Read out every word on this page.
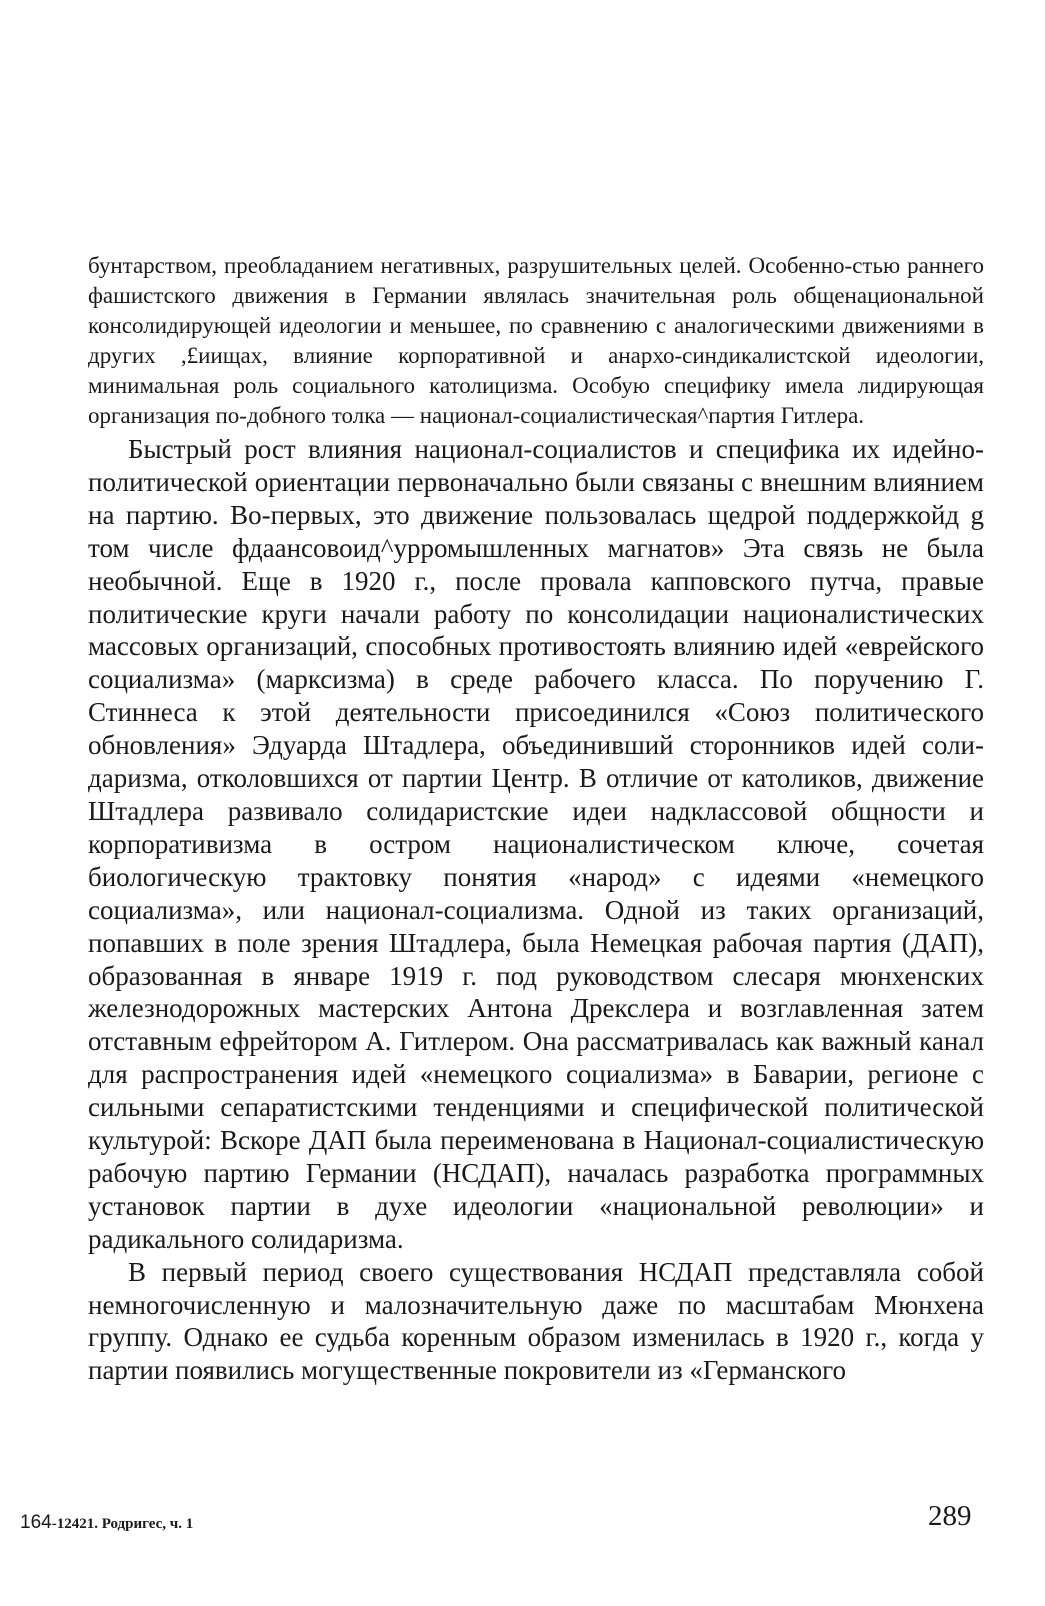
бунтарством, преобладанием негативных, разрушительных целей. Особенно-стью раннего фашистского движения в Германии являлась значительная роль общенациональной консолидирующей идеологии и меньшее, по сравнению с аналогическими движениями в других ,£иищах, влияние корпоративной и анархо-синдикалистской идеологии, минимальная роль социального католицизма. Особую специфику имела лидирующая организация по-добного толка — национал-социалистическая^партия Гитлера.

Быстрый рост влияния национал-социалистов и специфика их идейно-политической ориентации первоначально были связаны с внешним влиянием на партию. Во-первых, это движение пользовалась щедрой поддержкойд g том числе фдаансовоид^урромышленных магнатов» Эта связь не была необычной. Еще в 1920 г., после провала капповского путча, правые политические круги начали работу по консолидации националистических массовых организаций, способных противостоять влиянию идей «еврейского социализма» (марксизма) в среде рабочего класса. По поручению Г. Стиннеса к этой деятельности присоединился «Союз политического обновления» Эдуарда Штадлера, объединивший сторонников идей соли-даризма, отколовшихся от партии Центр. В отличие от католиков, движение Штадлера развивало солидаристские идеи надклассовой общности и корпоративизма в остром националистическом ключе, сочетая биологическую трактовку понятия «народ» с идеями «немецкого социализма», или национал-социализма. Одной из таких организаций, попавших в поле зрения Штадлера, была Немецкая рабочая партия (ДАП), образованная в январе 1919 г. под руководством слесаря мюнхенских железнодорожных мастерских Антона Дрекслера и возглавленная затем отставным ефрейтором А. Гитлером. Она рассматривалась как важный канал для распространения идей «немецкого социализма» в Баварии, регионе с сильными сепаратистскими тенденциями и специфической политической культурой: Вскоре ДАП была переименована в Национал-социалистическую рабочую партию Германии (НСДАП), началась разработка программных установок партии в духе идеологии «национальной революции» и радикального солидаризма.

В первый период своего существования НСДАП представляла собой немногочисленную и малозначительную даже по масштабам Мюнхена группу. Однако ее судьба коренным образом изменилась в 1920 г., когда у партии появились могущественные покровители из «Германского

164-12421. Родригес, ч. 1	289
